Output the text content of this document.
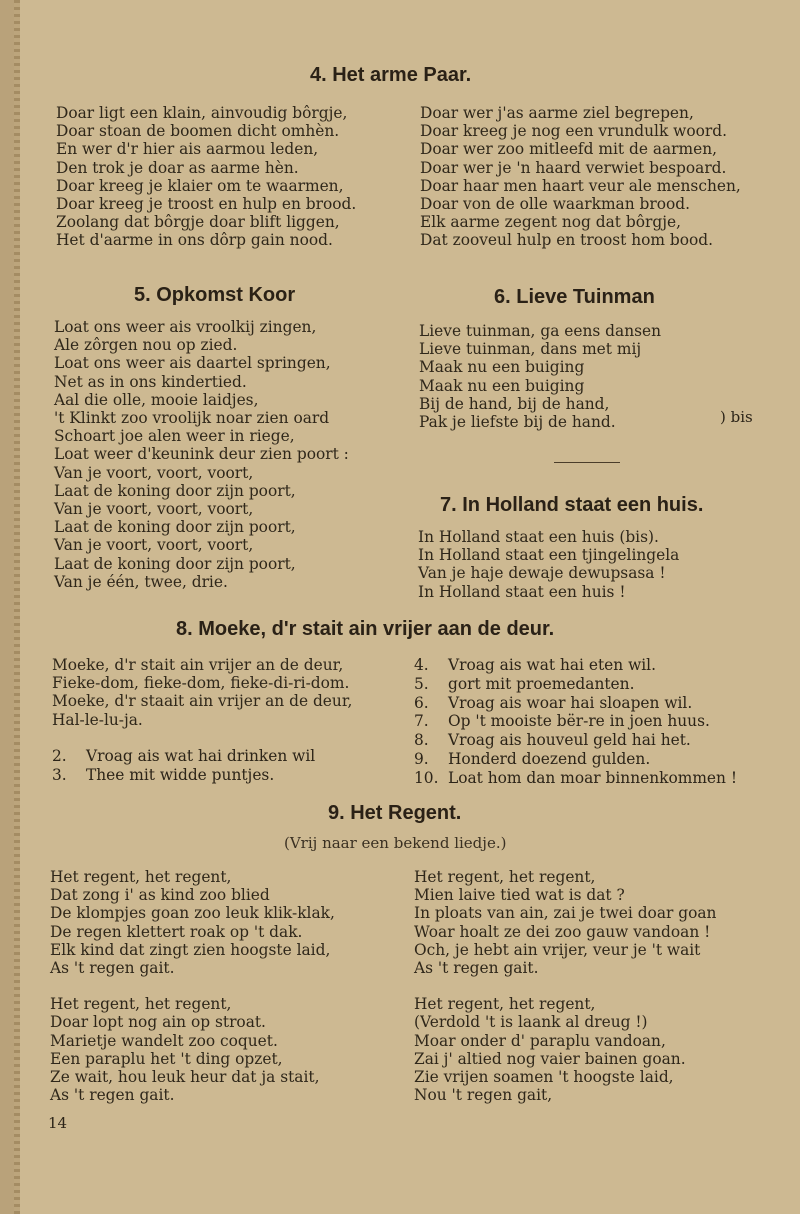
4. Het arme Paar.
Doar ligt een klain, ainvoudig bôrgje,
Doar stoan de boomen dicht omhèn.
En wer d'r hier ais aarmou leden,
Den trok je doar as aarme hèn.
Doar kreeg je klaier om te waarmen,
Doar kreeg je troost en hulp en brood.
Zoolang dat bôrgje doar blift liggen,
Het d'aarme in ons dôrp gain nood.
Doar wer j'as aarme ziel begrepen,
Doar kreeg je nog een vrundulk woord.
Doar wer zoo mitleefd mit de aarmen,
Doar wer je 'n haard verwiet bespoard.
Doar haar men haart veur ale menschen,
Doar von de olle waarkman brood.
Elk aarme zegent nog dat bôrgje,
Dat zooveul hulp en troost hom bood.
5. Opkomst Koor
Loat ons weer ais vroolkij zingen,
Ale zôrgen nou op zied.
Loat ons weer ais daartel springen,
Net as in ons kindertied.
Aal die olle, mooie laidjes,
't Klinkt zoo vroolijk noar zien oard
Schoart joe alen weer in riege,
Loat weer d'keunink deur zien poort :
Van je voort, voort, voort,
Laat de koning door zijn poort,
Van je voort, voort, voort,
Laat de koning door zijn poort,
Van je voort, voort, voort,
Laat de koning door zijn poort,
Van je één, twee, drie.
6. Lieve Tuinman
Lieve tuinman, ga eens dansen
Lieve tuinman, dans met mij
Maak nu een buiging
Maak nu een buiging
Bij de hand, bij de hand,
Pak je liefste bij de hand.	) bis
7. In Holland staat een huis.
In Holland staat een huis (bis).
In Holland staat een tjingelingela
Van je haje dewaje dewupsasa !
In Holland staat een huis !
8. Moeke, d'r stait ain vrijer aan de deur.
Moeke, d'r stait ain vrijer an de deur,
Fieke-dom, fieke-dom, fieke-di-ri-dom.
Moeke, d'r staait ain vrijer an de deur,
Hal-le-lu-ja.
2. Vroag ais wat hai drinken wil
3. Thee mit widde puntjes.
4. Vroag ais wat hai eten wil.
5. gort mit proemedanten.
6. Vroag ais woar hai sloapen wil.
7. Op 't mooiste bër-re in joen huus.
8. Vroag ais houveul geld hai het.
9. Honderd doezend gulden.
10. Loat hom dan moar binnenkommen !
9. Het Regent.
(Vrij naar een bekend liedje.)
Het regent, het regent,
Dat zong i' as kind zoo blied
De klompjes goan zoo leuk klik-klak,
De regen klettert roak op 't dak.
Elk kind dat zingt zien hoogste laid,
As 't regen gait.
Het regent, het regent,
Doar lopt nog ain op stroat.
Marietje wandelt zoo coquet.
Een paraplu het 't ding opzet,
Ze wait, hou leuk heur dat ja stait,
As 't regen gait.
Het regent, het regent,
Mien laive tied wat is dat ?
In ploats van ain, zai je twei doar goan
Woar hoalt ze dei zoo gauw vandoan !
Och, je hebt ain vrijer, veur je 't wait
As 't regen gait.
Het regent, het regent,
(Verdold 't is laank al dreug !)
Moar onder d' paraplu vandoan,
Zai j' altied nog vaier bainen goan.
Zie vrijen soamen 't hoogste laid,
Nou 't regen gait,
14
